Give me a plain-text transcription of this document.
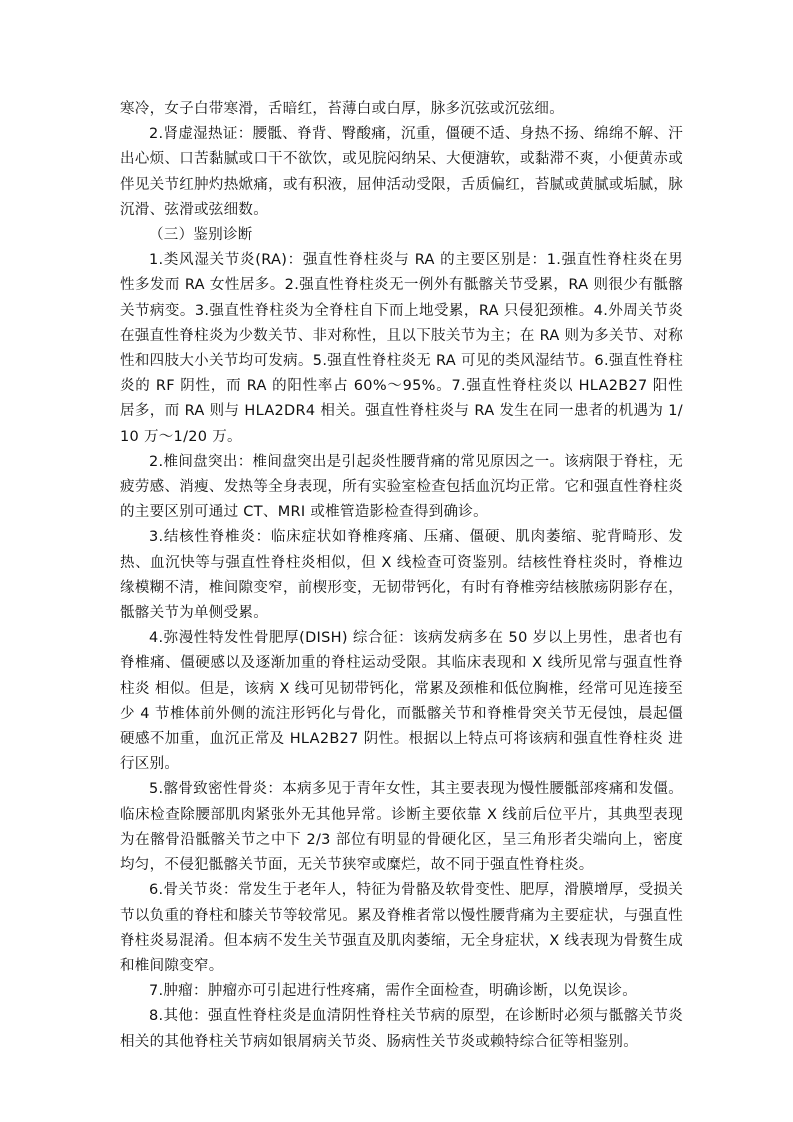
寒冷，女子白带寒滑，舌暗红，苔薄白或白厚，脉多沉弦或沉弦细。

2.肾虚湿热证：腰骶、脊背、臀酸痛，沉重，僵硬不适、身热不扬、绵绵不解、汗出心烦、口苦黏腻或口干不欲饮，或见脘闷纳呆、大便溏软，或黏滞不爽，小便黄赤或伴见关节红肿灼热焮痛，或有积液，屈伸活动受限，舌质偏红，苔腻或黄腻或垢腻，脉沉滑、弦滑或弦细数。

（三）鉴别诊断

1.类风湿关节炎(RA)：强直性脊柱炎与 RA 的主要区别是：1.强直性脊柱炎在男性多发而 RA 女性居多。2.强直性脊柱炎无一例外有骶髂关节受累，RA 则很少有骶髂关节病变。3.强直性脊柱炎为全脊柱自下而上地受累，RA 只侵犯颈椎。4.外周关节炎在强直性脊柱炎为少数关节、非对称性，且以下肢关节为主；在 RA 则为多关节、对称性和四肢大小关节均可发病。5.强直性脊柱炎无 RA 可见的类风湿结节。6.强直性脊柱炎的 RF 阴性，而 RA 的阳性率占 60%～95%。7.强直性脊柱炎以 HLA2B27 阳性居多，而 RA 则与 HLA2DR4 相关。强直性脊柱炎与 RA 发生在同一患者的机遇为 1/10 万～1/20 万。

2.椎间盘突出：椎间盘突出是引起炎性腰背痛的常见原因之一。该病限于脊柱，无疲劳感、消瘦、发热等全身表现，所有实验室检查包括血沉均正常。它和强直性脊柱炎 的主要区别可通过 CT、MRI 或椎管造影检查得到确诊。

3.结核性脊椎炎：临床症状如脊椎疼痛、压痛、僵硬、肌肉萎缩、驼背畸形、发热、血沉快等与强直性脊柱炎相似，但 X 线检查可资鉴别。结核性脊柱炎时，脊椎边缘模糊不清，椎间隙变窄，前楔形变，无韧带钙化，有时有脊椎旁结核脓疡阴影存在，骶髂关节为单侧受累。

4.弥漫性特发性骨肥厚(DISH) 综合征：该病发病多在 50 岁以上男性，患者也有脊椎痛、僵硬感以及逐渐加重的脊柱运动受限。其临床表现和 X 线所见常与强直性脊柱炎 相似。但是，该病 X 线可见韧带钙化，常累及颈椎和低位胸椎，经常可见连接至少 4 节椎体前外侧的流注形钙化与骨化，而骶髂关节和脊椎骨突关节无侵蚀，晨起僵硬感不加重，血沉正常及 HLA2B27 阴性。根据以上特点可将该病和强直性脊柱炎 进行区别。

5.髂骨致密性骨炎：本病多见于青年女性，其主要表现为慢性腰骶部疼痛和发僵。临床检查除腰部肌肉紧张外无其他异常。诊断主要依靠 X 线前后位平片，其典型表现为在髂骨沿骶髂关节之中下 2/3 部位有明显的骨硬化区，呈三角形者尖端向上，密度均匀，不侵犯骶髂关节面，无关节狭窄或糜烂，故不同于强直性脊柱炎。

6.骨关节炎：常发生于老年人，特征为骨骼及软骨变性、肥厚，滑膜增厚，受损关节以负重的脊柱和膝关节等较常见。累及脊椎者常以慢性腰背痛为主要症状，与强直性脊柱炎易混淆。但本病不发生关节强直及肌肉萎缩，无全身症状，X 线表现为骨赘生成和椎间隙变窄。

7.肿瘤：肿瘤亦可引起进行性疼痛，需作全面检查，明确诊断，以免误诊。

8.其他：强直性脊柱炎是血清阴性脊柱关节病的原型，在诊断时必须与骶髂关节炎相关的其他脊柱关节病如银屑病关节炎、肠病性关节炎或赖特综合征等相鉴别。
